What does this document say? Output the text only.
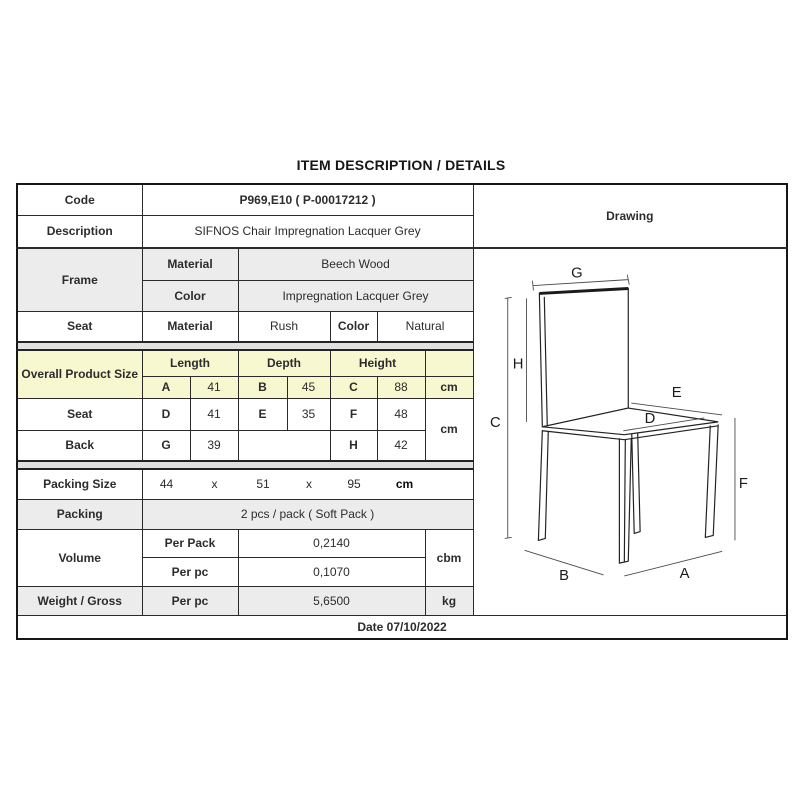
ITEM DESCRIPTION / DETAILS
Code	P969,E10 ( P-00017212 )							Drawing
Description	SIFNOS Chair Impregnation Lacquer Grey							
Frame	Material	Beech Wood	
G
H
C
E
D
F
B	A

	Color		Impregnation Lacquer Grey					
Seat	Material		Rush		Color	Natural		

Overall Product Size	Length		Depth		Height			
	A	41	B	45	C	88	cm	
Seat	D	41	E	35	F	48	cm	
Back	G	39			H	42		

Packing Size	44	x	51	x	95	cm

Packing	2 pcs / pack ( Soft Pack )							
Volume	Per Pack		0,2140				cbm	
	Per pc		0,1070					
Weight / Gross	Per pc		5,6500				kg	
Date 07/10/2022								
